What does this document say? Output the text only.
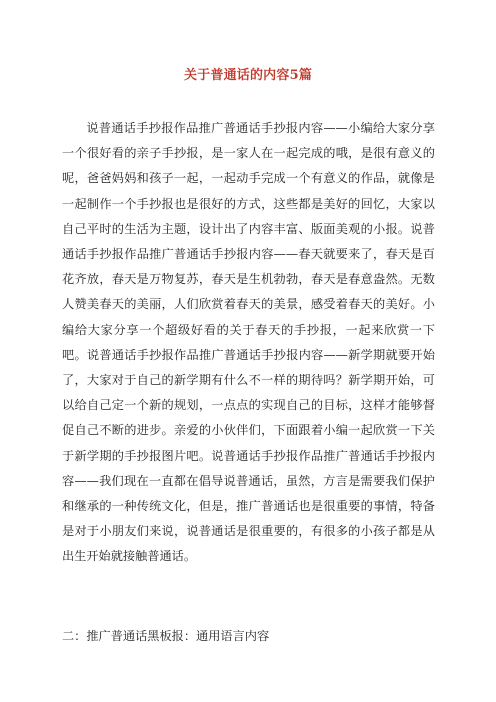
关于普通话的内容5篇

说普通话手抄报作品推广普通话手抄报内容——小编给大家分享一个很好看的亲子手抄报，是一家人在一起完成的哦，是很有意义的呢，爸爸妈妈和孩子一起，一起动手完成一个有意义的作品，就像是一起制作一个手抄报也是很好的方式，这些都是美好的回忆，大家以自己平时的生活为主题，设计出了内容丰富、版面美观的小报。说普通话手抄报作品推广普通话手抄报内容——春天就要来了，春天是百花齐放，春天是万物复苏，春天是生机勃勃，春天是春意盎然。无数人赞美春天的美丽，人们欣赏着春天的美景，感受着春天的美好。小编给大家分享一个超级好看的关于春天的手抄报，一起来欣赏一下吧。说普通话手抄报作品推广普通话手抄报内容——新学期就要开始了，大家对于自己的新学期有什么不一样的期待吗？新学期开始，可以给自己定一个新的规划，一点点的实现自己的目标，这样才能够督促自己不断的进步。亲爱的小伙伴们，下面跟着小编一起欣赏一下关于新学期的手抄报图片吧。说普通话手抄报作品推广普通话手抄报内容——我们现在一直都在倡导说普通话，虽然，方言是需要我们保护和继承的一种传统文化，但是，推广普通话也是很重要的事情，特备是对于小朋友们来说，说普通话是很重要的，有很多的小孩子都是从出生开始就接触普通话。

二：推广普通话黑板报：通用语言内容
